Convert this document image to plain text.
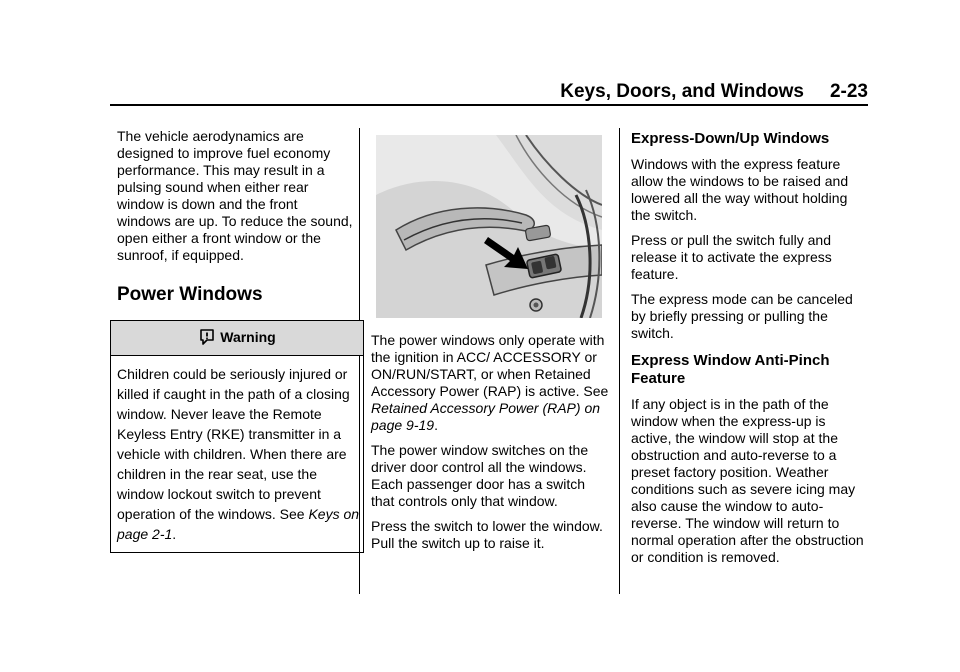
Keys, Doors, and Windows 2-23

The vehicle aerodynamics are designed to improve fuel economy performance. This may result in a pulsing sound when either rear window is down and the front windows are up. To reduce the sound, open either a front window or the sunroof, if equipped.

Power Windows
Warning
Children could be seriously injured or killed if caught in the path of a closing window. Never leave the Remote Keyless Entry (RKE) transmitter in a vehicle with children. When there are children in the rear seat, use the window lockout switch to prevent operation of the windows. See Keys on page 2-1.

The power windows only operate with the ignition in ACC/ ACCESSORY or ON/RUN/START, or when Retained Accessory Power (RAP) is active. See Retained Accessory Power (RAP) on page 9-19.

The power window switches on the driver door control all the windows. Each passenger door has a switch that controls only that window.

Press the switch to lower the window. Pull the switch up to raise it.

Express-Down/Up Windows

Windows with the express feature allow the windows to be raised and lowered all the way without holding the switch.

Press or pull the switch fully and release it to activate the express feature.

The express mode can be canceled by briefly pressing or pulling the switch.

Express Window Anti-Pinch Feature

If any object is in the path of the window when the express-up is active, the window will stop at the obstruction and auto-reverse to a preset factory position. Weather conditions such as severe icing may also cause the window to auto-reverse. The window will return to normal operation after the obstruction or condition is removed.
